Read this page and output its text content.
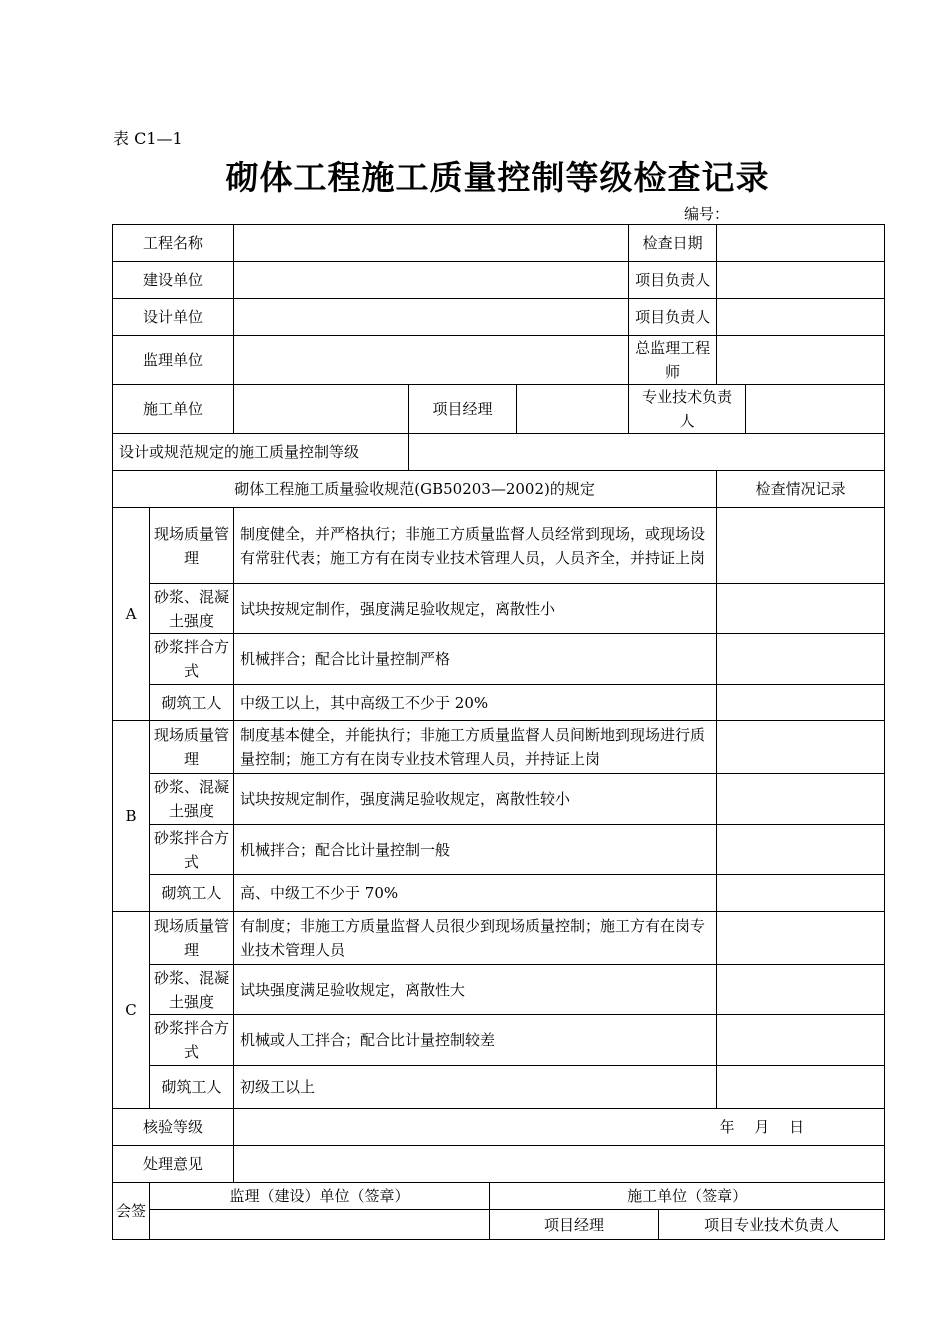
表 C1—1
砌体工程施工质量控制等级检查记录
编号：
工程名称						检查日期			
建设单位						项目负责人			
设计单位						项目负责人			
监理单位						总监理工程师			
施工单位			项目经理			专业技术负责人			
设计或规范规定的施工质量控制等级									
砌体工程施工质量验收规范(GB50203—2002)的规定								检查情况记录	
A	现场质量管理	制度健全，并严格执行；非施工方质量监督人员经常到现场，或现场设有常驻代表；施工方有在岗专业技术管理人员，人员齐全，并持证上岗							
	砂浆、混凝土强度	试块按规定制作，强度满足验收规定，离散性小							
	砂浆拌合方式	机械拌合；配合比计量控制严格							
	砌筑工人	中级工以上，其中高级工不少于 20%							
B	现场质量管理	制度基本健全，并能执行；非施工方质量监督人员间断地到现场进行质量控制；施工方有在岗专业技术管理人员，并持证上岗							
	砂浆、混凝土强度	试块按规定制作，强度满足验收规定，离散性较小							
	砂浆拌合方式	机械拌合；配合比计量控制一般							
	砌筑工人	高、中级工不少于 70%							
C	现场质量管理	有制度；非施工方质量监督人员很少到现场质量控制；施工方有在岗专业技术管理人员							
	砂浆、混凝土强度	试块强度满足验收规定，离散性大							
	砂浆拌合方式	机械或人工拌合；配合比计量控制较差							
	砌筑工人	初级工以上							
核验等级		年　 月　 日							
处理意见									
会签	监理（建设）单位（签章）			施工单位（签章）					
				项目经理			项目专业技术负责人		
